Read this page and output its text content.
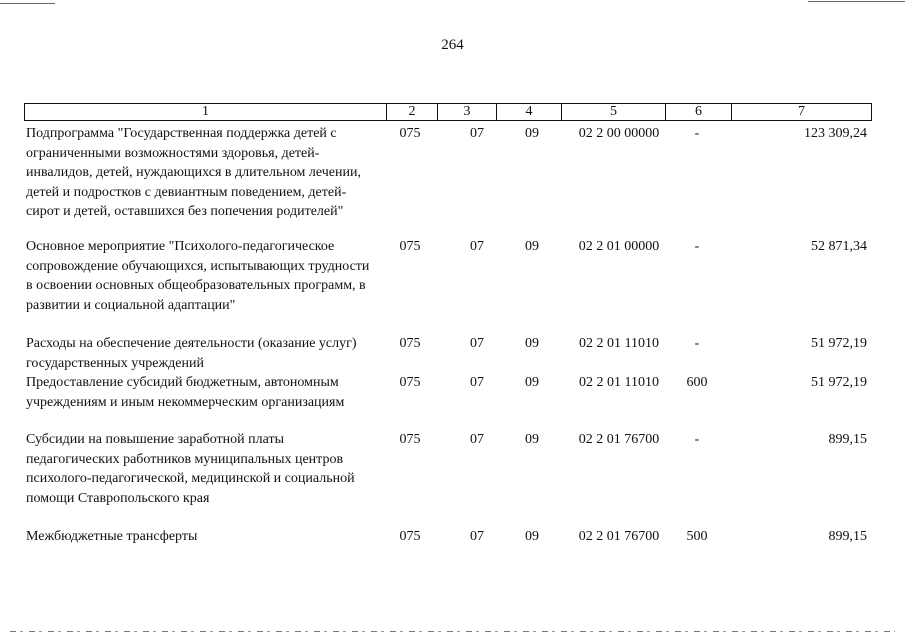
264
1	2	3	4	5	6	7
Подпрограмма "Государственная поддержка детей с ограниченными возможностями здоровья, детей-инвалидов, детей, нуждающихся в длительном лечении, детей и подростков с девиантным поведением, детей-сирот и детей, оставшихся без попечения родителей"
075	07	09	02 2 00 00000	-	123 309,24
Основное мероприятие "Психолого-педагогическое сопровождение обучающихся, испытывающих трудности в освоении основных общеобразовательных программ, в развитии и социальной адаптации"
075	07	09	02 2 01 00000	-	52 871,34
Расходы на обеспечение деятельности (оказание услуг) государственных учреждений
075	07	09	02 2 01 11010	-	51 972,19
Предоставление субсидий бюджетным, автономным учреждениям и иным некоммерческим организациям
075	07	09	02 2 01 11010	600	51 972,19
Субсидии на повышение заработной платы педагогических работников муниципальных центров психолого-педагогической, медицинской и социальной помощи Ставропольского края
075	07	09	02 2 01 76700	-	899,15
Межбюджетные трансферты	075	07	09	02 2 01 76700	500	899,15
